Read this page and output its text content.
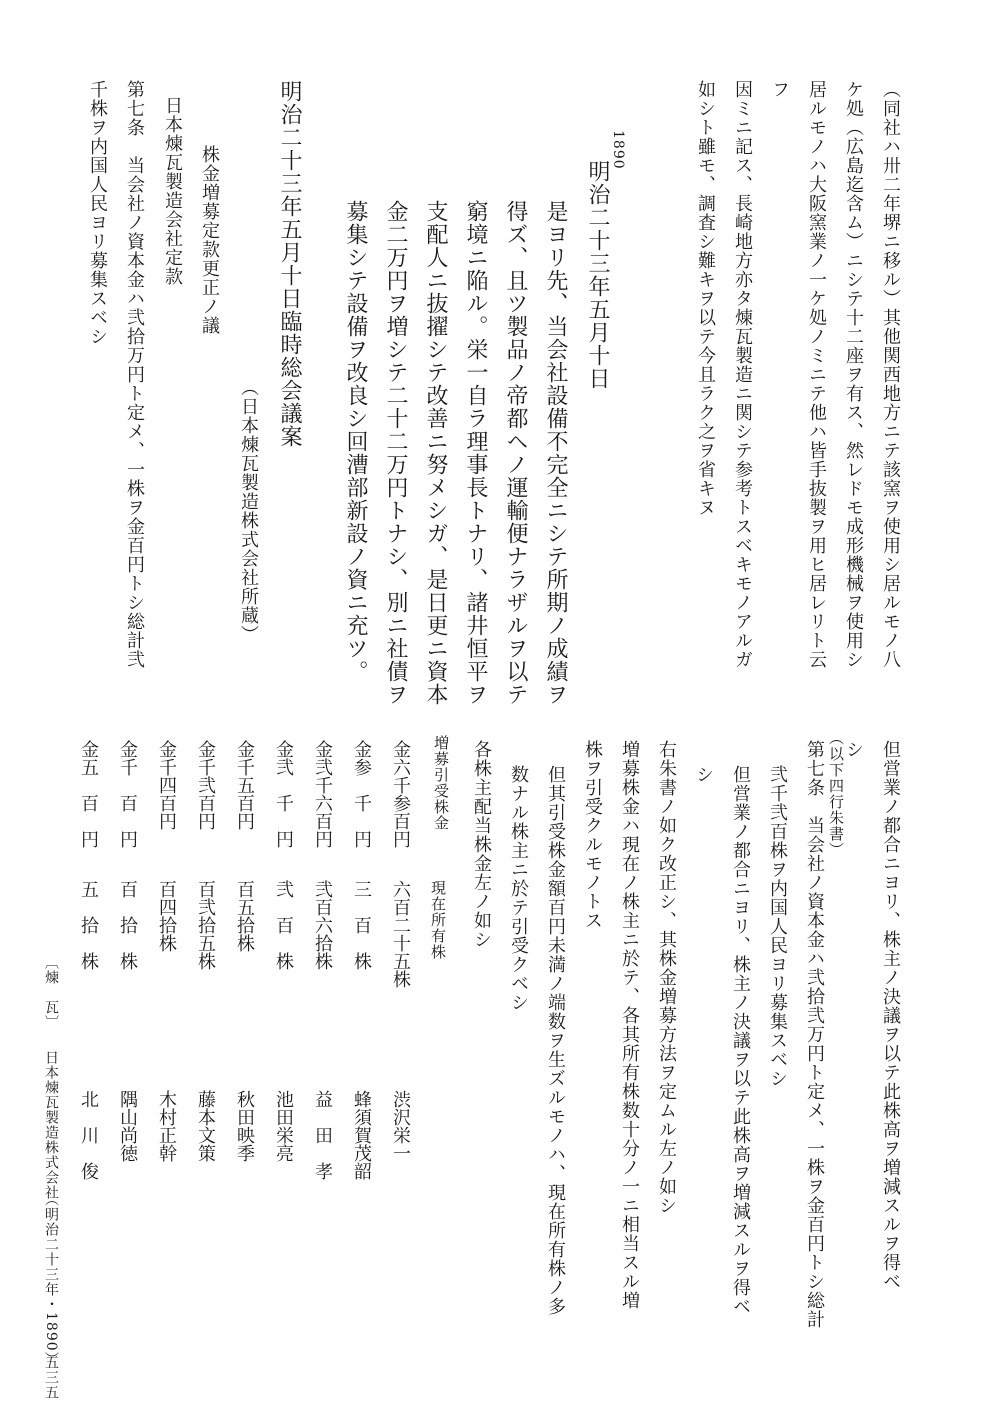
（同社ハ卅二年堺ニ移ル）其他関西地方ニテ該窯ヲ使用シ居ルモノ八
ケ処（広島迄含ム）ニシテ十二座ヲ有ス、然レドモ成形機械ヲ使用シ
居ルモノハ大阪窯業ノ一ケ処ノミニテ他ハ皆手抜製ヲ用ヒ居レリト云
フ
因ミニ記ス、長崎地方亦タ煉瓦製造ニ関シテ参考トスベキモノアルガ
如シト雖モ、調査シ難キヲ以テ今且ラク之ヲ省キヌ
1890
明治二十三年五月十日
是ヨリ先、当会社設備不完全ニシテ所期ノ成績ヲ
得ズ、且ツ製品ノ帝都ヘノ運輸便ナラザルヲ以テ
窮境ニ陥ル。栄一自ラ理事長トナリ、諸井恒平ヲ
支配人ニ抜擢シテ改善ニ努メシガ、是日更ニ資本
金二万円ヲ増シテ二十二万円トナシ、別ニ社債ヲ
募集シテ設備ヲ改良シ回漕部新設ノ資ニ充ツ。
明治二十三年五月十日臨時総会議案
（日本煉瓦製造株式会社所蔵）
株金増募定款更正ノ議
日本煉瓦製造会社定款
第七条　当会社ノ資本金ハ弐拾万円ト定メ、一株ヲ金百円トシ総計弐
千株ヲ内国人民ヨリ募集スベシ
但営業ノ都合ニヨリ、株主ノ決議ヲ以テ此株高ヲ増減スルヲ得ベ
シ
（以下四行朱書）
第七条　当会社ノ資本金ハ弐拾弐万円ト定メ、一株ヲ金百円トシ総計
弐千弐百株ヲ内国人民ヨリ募集スベシ
但営業ノ都合ニヨリ、株主ノ決議ヲ以テ此株高ヲ増減スルヲ得ベ
シ
右朱書ノ如ク改正シ、其株金増募方法ヲ定ムル左ノ如シ
増募株金ハ現在ノ株主ニ於テ、各其所有株数十分ノ一ニ相当スル増
株ヲ引受クルモノトス
但其引受株金額百円未満ノ端数ヲ生ズルモノハ、現在所有株ノ多
数ナル株主ニ於テ引受クベシ
各株主配当株金左ノ如シ
増募引受株金
現在所有株
金六千参百円
六百二十五株
渋沢栄一
金参　千　円
三　百　株
蜂須賀茂韶
金弐千六百円
弐百六拾株
益　田　孝
金弐　千　円
弐　百　株
池田栄亮
金千五百円
百五拾株
秋田映季
金千弐百円
百弐拾五株
藤本文策
金千四百円
百四拾株
木村正幹
金千　百　円
百　拾　株
隅山尚徳
金五　百　円
五　拾　株
北　川　俊
〔煉　瓦〕
日本煉瓦製造株式会社
（明治二十三年・1890）
五三五
